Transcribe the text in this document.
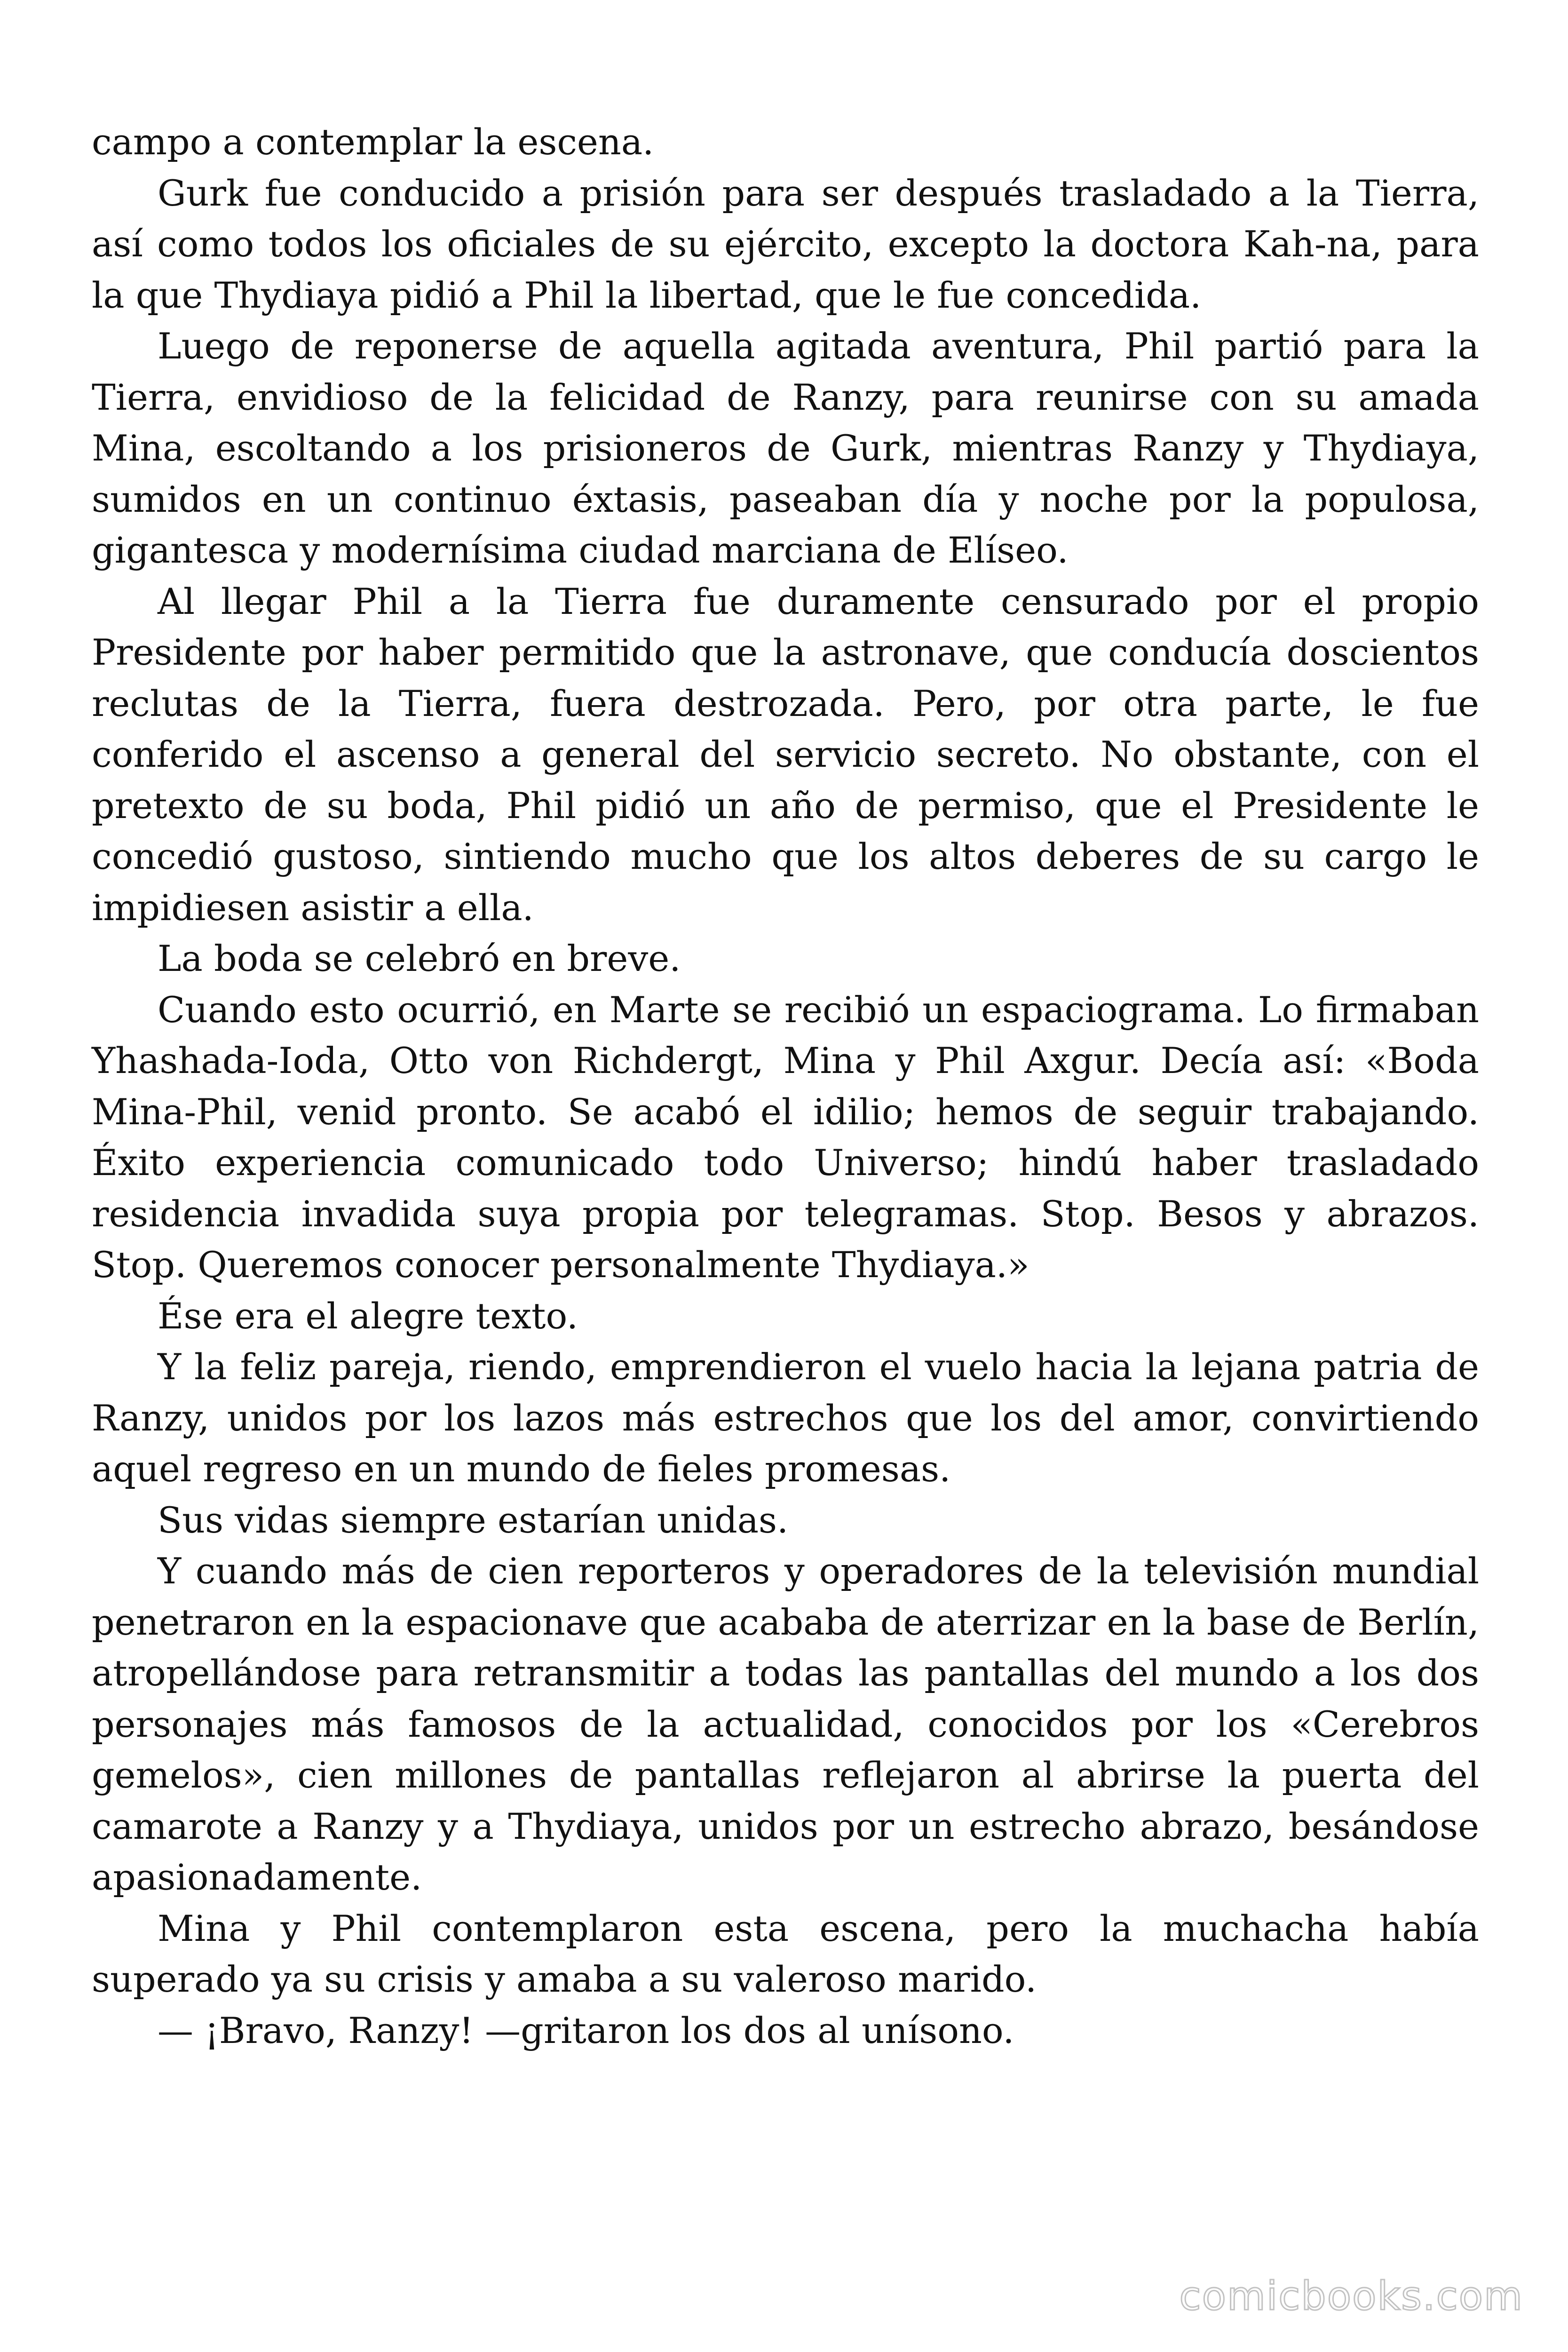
campo a contemplar la escena.

Gurk fue conducido a prisión para ser después trasladado a la Tierra, así como todos los oficiales de su ejército, excepto la doctora Kah-na, para la que Thydiaya pidió a Phil la libertad, que le fue concedida.

Luego de reponerse de aquella agitada aventura, Phil partió para la Tierra, envidioso de la felicidad de Ranzy, para reunirse con su amada Mina, escoltando a los prisioneros de Gurk, mientras Ranzy y Thydiaya, sumidos en un continuo éxtasis, paseaban día y noche por la populosa, gigantesca y modernísima ciudad marciana de Elíseo.

Al llegar Phil a la Tierra fue duramente censurado por el propio Presidente por haber permitido que la astronave, que conducía doscientos reclutas de la Tierra, fuera destrozada. Pero, por otra parte, le fue conferido el ascenso a general del servicio secreto. No obstante, con el pretexto de su boda, Phil pidió un año de permiso, que el Presidente le concedió gustoso, sintiendo mucho que los altos deberes de su cargo le impidiesen asistir a ella.

La boda se celebró en breve.

Cuando esto ocurrió, en Marte se recibió un espaciograma. Lo firmaban Yhashada-Ioda, Otto von Richdergt, Mina y Phil Axgur. Decía así: «Boda Mina-Phil, venid pronto. Se acabó el idilio; hemos de seguir trabajando. Éxito experiencia comunicado todo Universo; hindú haber trasladado residencia invadida suya propia por telegramas. Stop. Besos y abrazos. Stop. Queremos conocer personalmente Thydiaya.»

Ése era el alegre texto.

Y la feliz pareja, riendo, emprendieron el vuelo hacia la lejana patria de Ranzy, unidos por los lazos más estrechos que los del amor, convirtiendo aquel regreso en un mundo de fieles promesas.

Sus vidas siempre estarían unidas.

Y cuando más de cien reporteros y operadores de la televisión mundial penetraron en la espacionave que acababa de aterrizar en la base de Berlín, atropellándose para retransmitir a todas las pantallas del mundo a los dos personajes más famosos de la actualidad, conocidos por los «Cerebros gemelos», cien millones de pantallas reflejaron al abrirse la puerta del camarote a Ranzy y a Thydiaya, unidos por un estrecho abrazo, besándose apasionadamente.

Mina y Phil contemplaron esta escena, pero la muchacha había superado ya su crisis y amaba a su valeroso marido.

— ¡Bravo, Ranzy! —gritaron los dos al unísono.

comicbooks.com
